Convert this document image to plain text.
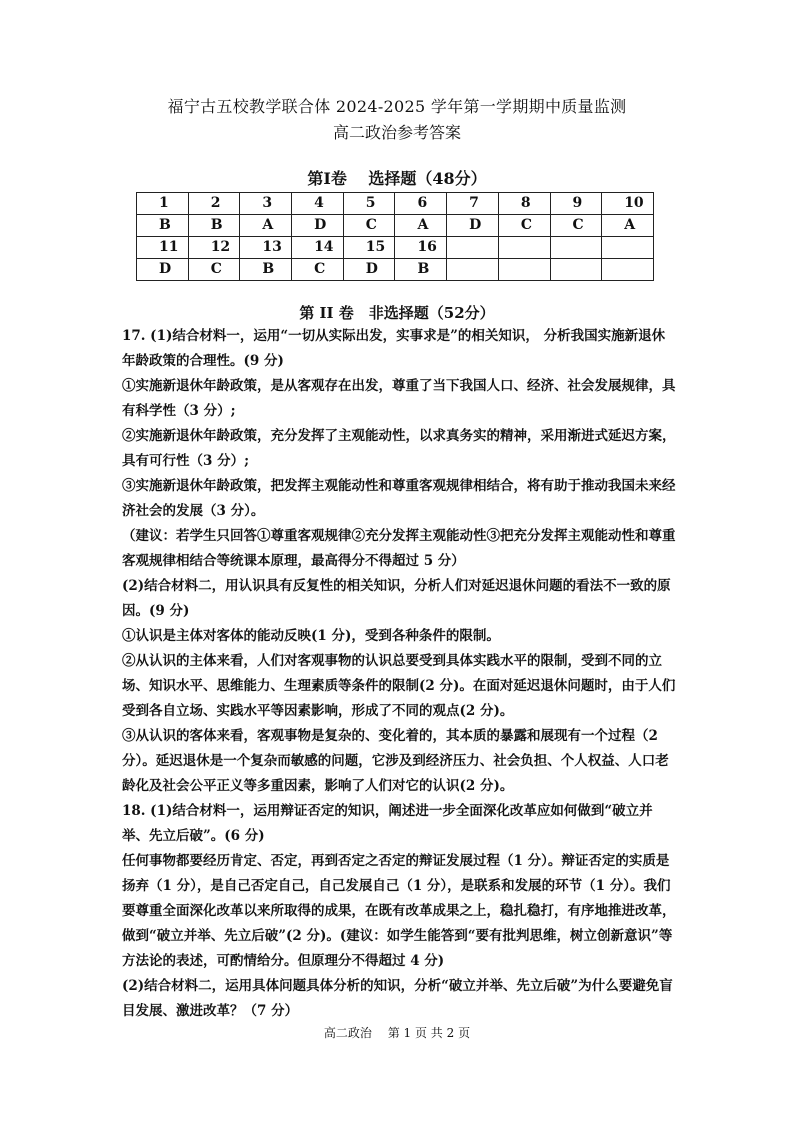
福宁古五校教学联合体 2024-2025 学年第一学期期中质量监测
高二政治参考答案
第Ⅰ卷　 选择题（48分）
1	2	3	4	5	6	7	8	9	10
B	B	A	D	C	A	D	C	C	A
11	12	13	14	15	16				
D	C	B	C	D	B				
第 II 卷　非选择题（52分）

17. (1)结合材料一，运用“一切从实际出发，实事求是”的相关知识， 分析我国实施新退休年龄政策的合理性。(9 分)

①实施新退休年龄政策，是从客观存在出发，尊重了当下我国人口、经济、社会发展规律，具有科学性（3 分）;

②实施新退休年龄政策，充分发挥了主观能动性，以求真务实的精神，采用渐进式延迟方案，具有可行性（3 分）;

③实施新退休年龄政策，把发挥主观能动性和尊重客观规律相结合，将有助于推动我国未来经济社会的发展（3 分）。

（建议：若学生只回答①尊重客观规律②充分发挥主观能动性③把充分发挥主观能动性和尊重客观规律相结合等统课本原理，最高得分不得超过 5 分）

(2)结合材料二，用认识具有反复性的相关知识，分析人们对延迟退休问题的看法不一致的原因。(9 分)

①认识是主体对客体的能动反映(1 分)，受到各种条件的限制。

②从认识的主体来看，人们对客观事物的认识总要受到具体实践水平的限制，受到不同的立场、知识水平、思维能力、生理素质等条件的限制(2 分)。在面对延迟退休问题时，由于人们受到各自立场、实践水平等因素影响，形成了不同的观点(2 分)。

③从认识的客体来看，客观事物是复杂的、变化着的，其本质的暴露和展现有一个过程（2 分）。延迟退休是一个复杂而敏感的问题，它涉及到经济压力、社会负担、个人权益、人口老龄化及社会公平正义等多重因素，影响了人们对它的认识(2 分)。

18. (1)结合材料一，运用辩证否定的知识，阐述进一步全面深化改革应如何做到“破立并举、先立后破”。(6 分)

任何事物都要经历肯定、否定，再到否定之否定的辩证发展过程（1 分）。辩证否定的实质是扬弃（1 分），是自己否定自己，自己发展自己（1 分），是联系和发展的环节（1 分）。我们要尊重全面深化改革以来所取得的成果，在既有改革成果之上，稳扎稳打，有序地推进改革，做到“破立并举、先立后破”(2 分)。(建议：如学生能答到“要有批判思维，树立创新意识”等方法论的表述，可酌情给分。但原理分不得超过 4 分)

(2)结合材料二，运用具体问题具体分析的知识，分析“破立并举、先立后破”为什么要避免盲目发展、激进改革？（7 分）

高二政治　 第 1 页 共 2 页
